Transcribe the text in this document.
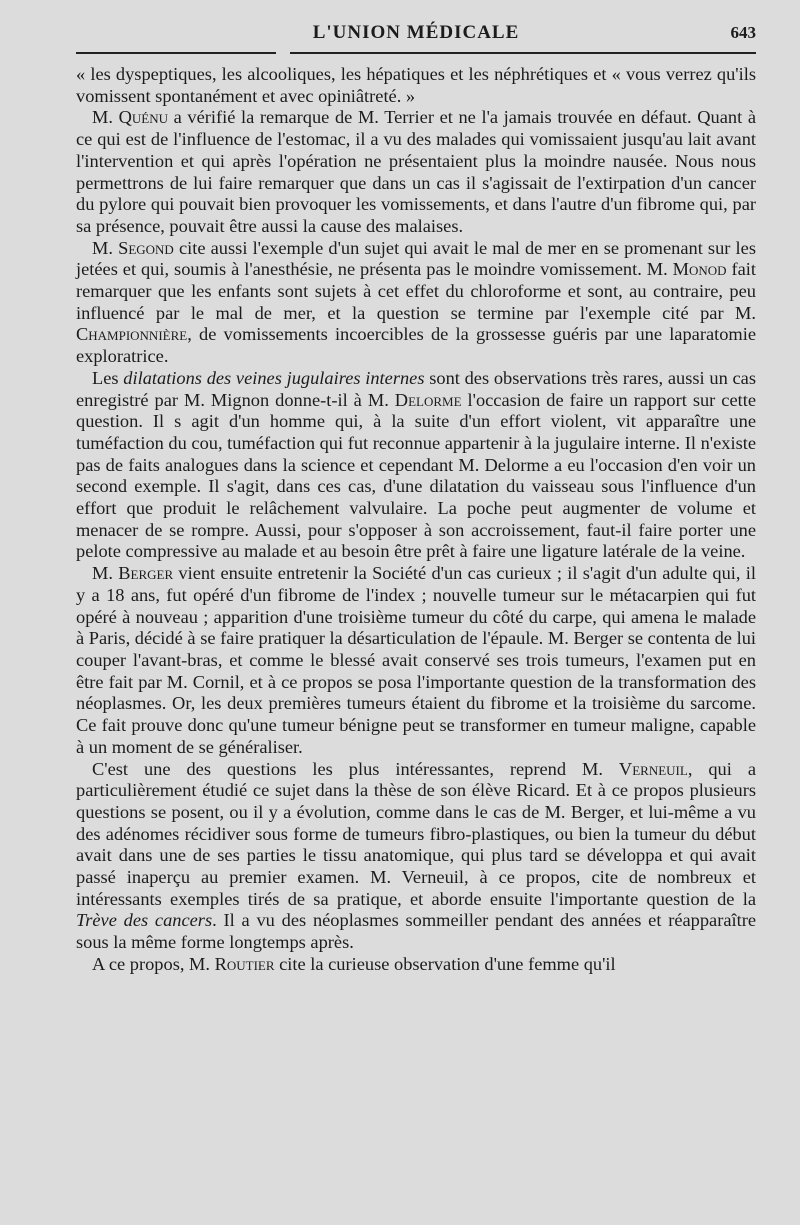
L'UNION MÉDICALE	643

« les dyspeptiques, les alcooliques, les hépatiques et les néphrétiques et « vous verrez qu'ils vomissent spontanément et avec opiniâtreté. »

M. Quénu a vérifié la remarque de M. Terrier et ne l'a jamais trouvée en défaut. Quant à ce qui est de l'influence de l'estomac, il a vu des malades qui vomissaient jusqu'au lait avant l'intervention et qui après l'opération ne présentaient plus la moindre nausée. Nous nous permettrons de lui faire remarquer que dans un cas il s'agissait de l'extirpation d'un cancer du pylore qui pouvait bien provoquer les vomissements, et dans l'autre d'un fibrome qui, par sa présence, pouvait être aussi la cause des malaises.

M. Segond cite aussi l'exemple d'un sujet qui avait le mal de mer en se promenant sur les jetées et qui, soumis à l'anesthésie, ne présenta pas le moindre vomissement. M. Monod fait remarquer que les enfants sont sujets à cet effet du chloroforme et sont, au contraire, peu influencé par le mal de mer, et la question se termine par l'exemple cité par M. Championnière, de vomissements incoercibles de la grossesse guéris par une laparatomie exploratrice.

Les dilatations des veines jugulaires internes sont des observations très rares, aussi un cas enregistré par M. Mignon donne-t-il à M. Delorme l'occasion de faire un rapport sur cette question. Il s agit d'un homme qui, à la suite d'un effort violent, vit apparaître une tuméfaction du cou, tuméfaction qui fut reconnue appartenir à la jugulaire interne. Il n'existe pas de faits analogues dans la science et cependant M. Delorme a eu l'occasion d'en voir un second exemple. Il s'agit, dans ces cas, d'une dilatation du vaisseau sous l'influence d'un effort que produit le relâchement valvulaire. La poche peut augmenter de volume et menacer de se rompre. Aussi, pour s'opposer à son accroissement, faut-il faire porter une pelote compressive au malade et au besoin être prêt à faire une ligature latérale de la veine.

M. Berger vient ensuite entretenir la Société d'un cas curieux ; il s'agit d'un adulte qui, il y a 18 ans, fut opéré d'un fibrome de l'index ; nouvelle tumeur sur le métacarpien qui fut opéré à nouveau ; apparition d'une troisième tumeur du côté du carpe, qui amena le malade à Paris, décidé à se faire pratiquer la désarticulation de l'épaule. M. Berger se contenta de lui couper l'avant-bras, et comme le blessé avait conservé ses trois tumeurs, l'examen put en être fait par M. Cornil, et à ce propos se posa l'importante question de la transformation des néoplasmes. Or, les deux premières tumeurs étaient du fibrome et la troisième du sarcome. Ce fait prouve donc qu'une tumeur bénigne peut se transformer en tumeur maligne, capable à un moment de se généraliser.

C'est une des questions les plus intéressantes, reprend M. Verneuil, qui a particulièrement étudié ce sujet dans la thèse de son élève Ricard. Et à ce propos plusieurs questions se posent, ou il y a évolution, comme dans le cas de M. Berger, et lui-même a vu des adénomes récidiver sous forme de tumeurs fibro-plastiques, ou bien la tumeur du début avait dans une de ses parties le tissu anatomique, qui plus tard se développa et qui avait passé inaperçu au premier examen. M. Verneuil, à ce propos, cite de nombreux et intéressants exemples tirés de sa pratique, et aborde ensuite l'importante question de la Trève des cancers. Il a vu des néoplasmes sommeiller pendant des années et réapparaître sous la même forme longtemps après.

A ce propos, M. Routier cite la curieuse observation d'une femme qu'il
